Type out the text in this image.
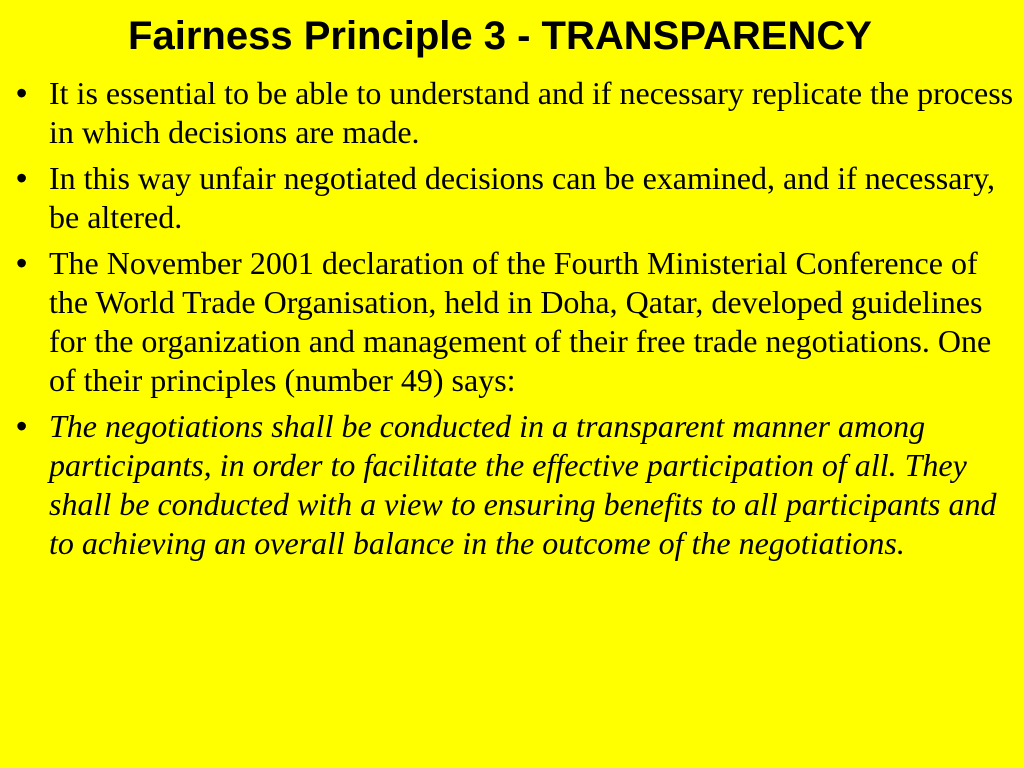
Fairness Principle 3 - TRANSPARENCY
• It is essential to be able to understand and if necessary replicate the process in which decisions are made.
• In this way unfair negotiated decisions can be examined, and if necessary, be altered.
• The November 2001 declaration of the Fourth Ministerial Conference of the World Trade Organisation, held in Doha, Qatar, developed guidelines for the organization and management of their free trade negotiations. One of their principles (number 49) says:
• The negotiations shall be conducted in a transparent manner among participants, in order to facilitate the effective participation of all. They shall be conducted with a view to ensuring benefits to all participants and to achieving an overall balance in the outcome of the negotiations.
